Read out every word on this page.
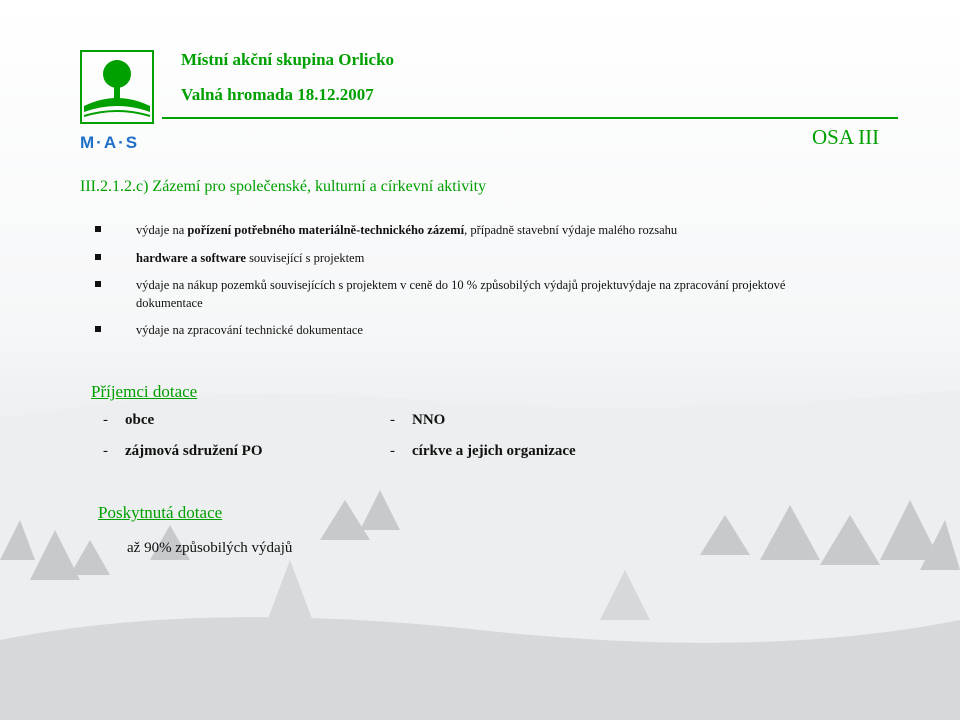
M·A·S
Místní akční skupina Orlicko
Valná hromada 18.12.2007
OSA III
III.2.1.2.c) Zázemí pro společenské, kulturní a církevní aktivity
výdaje na pořízení potřebného materiálně-technického zázemí, případně stavební výdaje malého rozsahu
hardware a software související s projektem
výdaje na nákup pozemků souvisejících s projektem v ceně do 10 % způsobilých výdajů projektuvýdaje na zpracování projektové dokumentace
výdaje na zpracování technické dokumentace
Příjemci dotace
- obce	- NNO
- zájmová sdružení PO	- církve a jejich organizace
Poskytnutá dotace
až 90% způsobilých výdajů
